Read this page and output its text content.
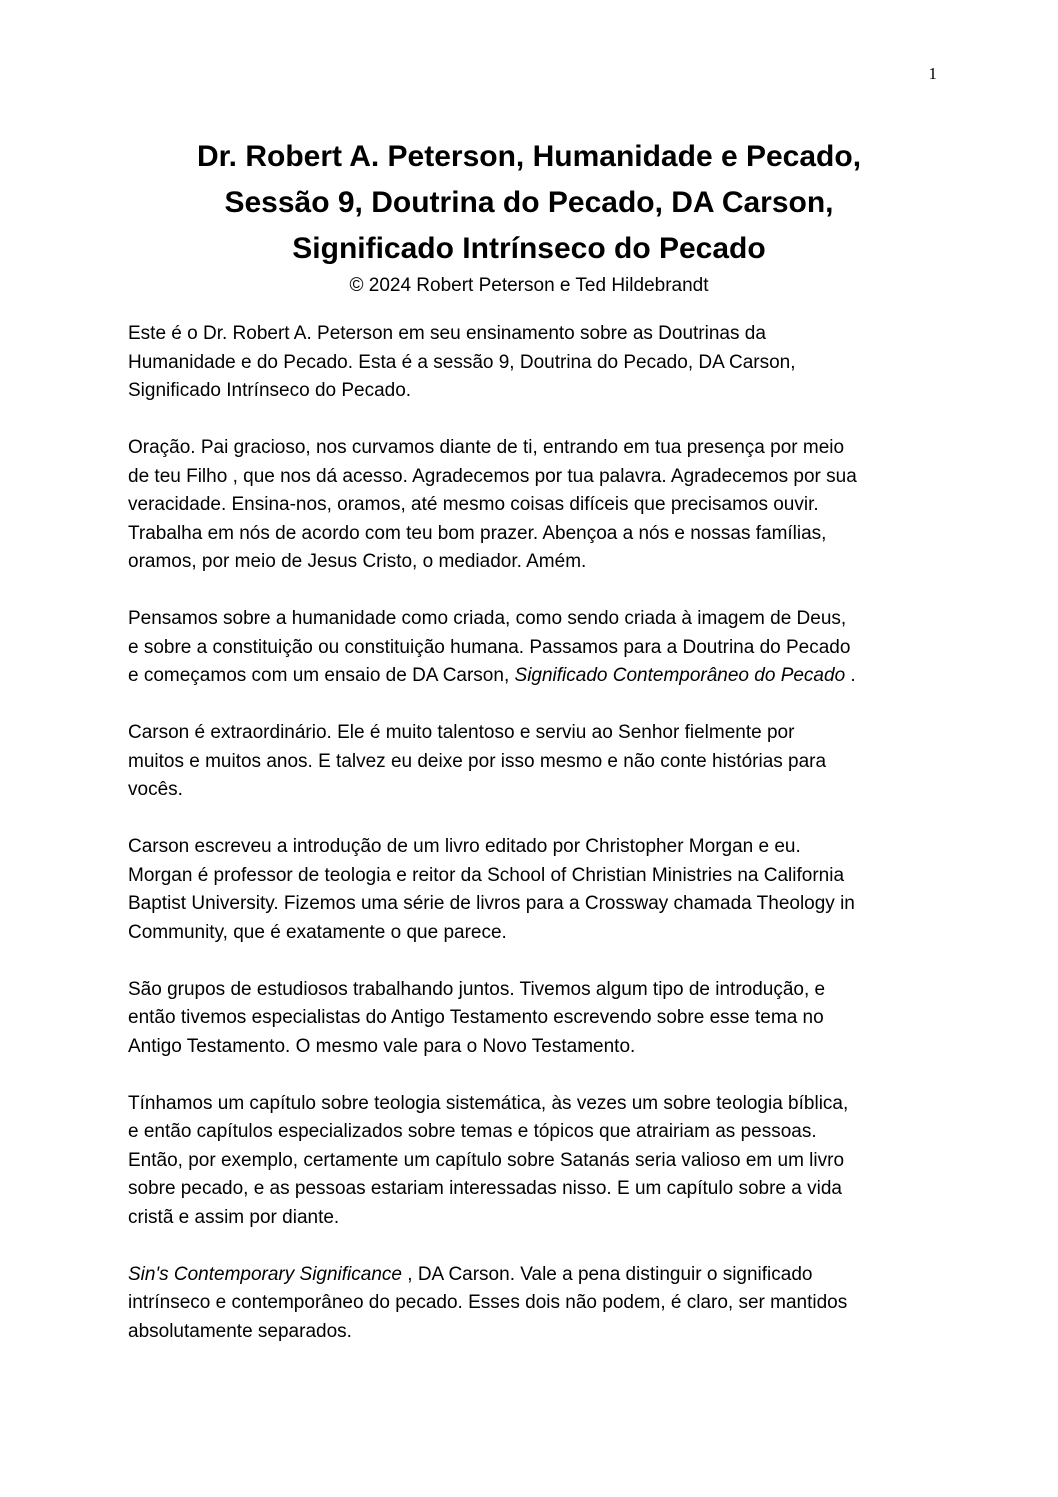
1
Dr. Robert A. Peterson, Humanidade e Pecado,
Sessão 9, Doutrina do Pecado, DA Carson,
Significado Intrínseco do Pecado
© 2024 Robert Peterson e Ted Hildebrandt

Este é o Dr. Robert A. Peterson em seu ensinamento sobre as Doutrinas da
Humanidade e do Pecado. Esta é a sessão 9, Doutrina do Pecado, DA Carson,
Significado Intrínseco do Pecado.

Oração. Pai gracioso, nos curvamos diante de ti, entrando em tua presença por meio
de teu Filho , que nos dá acesso. Agradecemos por tua palavra. Agradecemos por sua
veracidade. Ensina-nos, oramos, até mesmo coisas difíceis que precisamos ouvir.
Trabalha em nós de acordo com teu bom prazer. Abençoa a nós e nossas famílias,
oramos, por meio de Jesus Cristo, o mediador. Amém.

Pensamos sobre a humanidade como criada, como sendo criada à imagem de Deus,
e sobre a constituição ou constituição humana. Passamos para a Doutrina do Pecado
e começamos com um ensaio de DA Carson, Significado Contemporâneo do Pecado .

Carson é extraordinário. Ele é muito talentoso e serviu ao Senhor fielmente por
muitos e muitos anos. E talvez eu deixe por isso mesmo e não conte histórias para
vocês.

Carson escreveu a introdução de um livro editado por Christopher Morgan e eu.
Morgan é professor de teologia e reitor da School of Christian Ministries na California
Baptist University. Fizemos uma série de livros para a Crossway chamada Theology in
Community, que é exatamente o que parece.

São grupos de estudiosos trabalhando juntos. Tivemos algum tipo de introdução, e
então tivemos especialistas do Antigo Testamento escrevendo sobre esse tema no
Antigo Testamento. O mesmo vale para o Novo Testamento.

Tínhamos um capítulo sobre teologia sistemática, às vezes um sobre teologia bíblica,
e então capítulos especializados sobre temas e tópicos que atrairiam as pessoas.
Então, por exemplo, certamente um capítulo sobre Satanás seria valioso em um livro
sobre pecado, e as pessoas estariam interessadas nisso. E um capítulo sobre a vida
cristã e assim por diante.

Sin's Contemporary Significance , DA Carson. Vale a pena distinguir o significado
intrínseco e contemporâneo do pecado. Esses dois não podem, é claro, ser mantidos
absolutamente separados.
